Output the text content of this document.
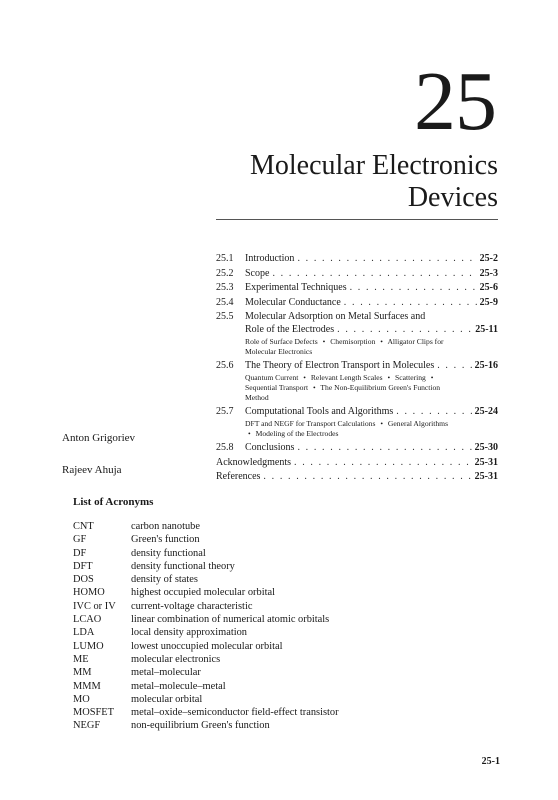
25
Molecular Electronics
Devices
25.1	Introduction . . .	25-2
25.2	Scope . . .	25-3
25.3	Experimental Techniques . . .	25-6
25.4	Molecular Conductance . . .	25-9
25.5	Molecular Adsorption on Metal Surfaces and
Role of the Electrodes . . .	25-11
Role of Surface Defects • Chemisorption • Alligator Clips for Molecular Electronics
25.6	The Theory of Electron Transport in Molecules . . .	25-16
Quantum Current • Relevant Length Scales • Scattering • Sequential Transport • The Non-Equilibrium Green's Function Method
25.7	Computational Tools and Algorithms . . .	25-24
DFT and NEGF for Transport Calculations • General Algorithms • Modeling of the Electrodes
25.8	Conclusions . . .	25-30
Acknowledgments . . .	25-31
References . . .	25-31
Anton Grigoriev
Rajeev Ahuja
List of Acronyms
CNT	carbon nanotube
GF	Green's function
DF	density functional
DFT	density functional theory
DOS	density of states
HOMO	highest occupied molecular orbital
IVC or IV	current-voltage characteristic
LCAO	linear combination of numerical atomic orbitals
LDA	local density approximation
LUMO	lowest unoccupied molecular orbital
ME	molecular electronics
MM	metal–molecular
MMM	metal–molecule–metal
MO	molecular orbital
MOSFET	metal–oxide–semiconductor field-effect transistor
NEGF	non-equilibrium Green's function
25-1
